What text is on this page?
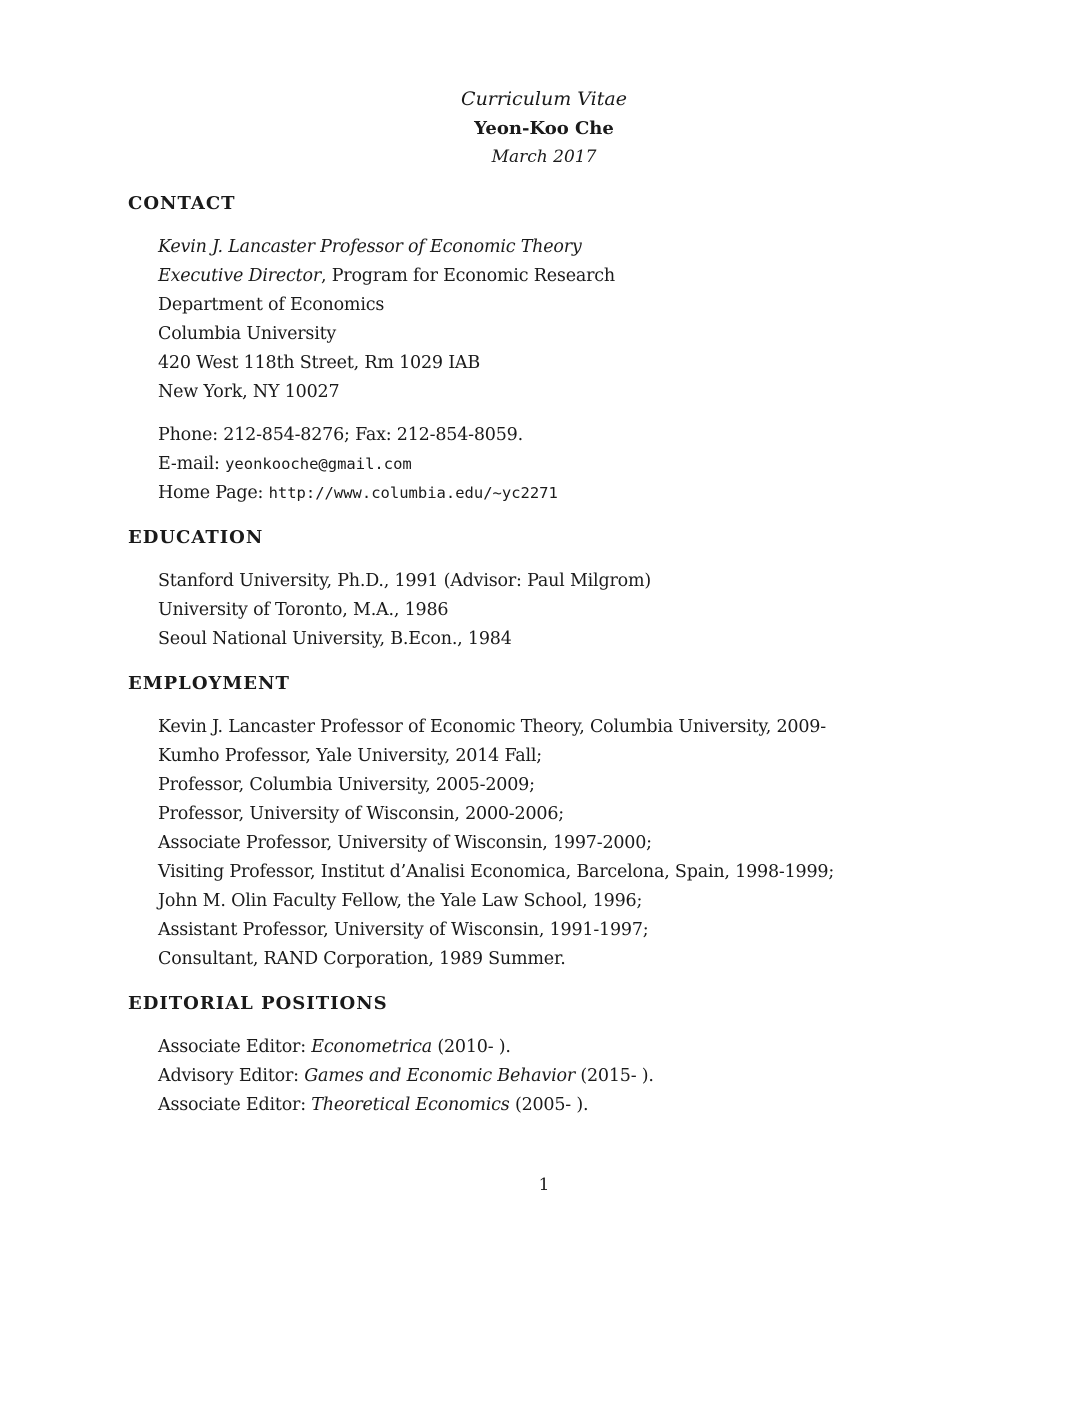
Curriculum Vitae
Yeon-Koo Che
March 2017
CONTACT
Kevin J. Lancaster Professor of Economic Theory
Executive Director, Program for Economic Research
Department of Economics
Columbia University
420 West 118th Street, Rm 1029 IAB
New York, NY 10027
Phone: 212-854-8276; Fax: 212-854-8059.
E-mail: yeonkooche@gmail.com
Home Page: http://www.columbia.edu/~yc2271
EDUCATION
Stanford University, Ph.D., 1991 (Advisor: Paul Milgrom)
University of Toronto, M.A., 1986
Seoul National University, B.Econ., 1984
EMPLOYMENT
Kevin J. Lancaster Professor of Economic Theory, Columbia University, 2009-
Kumho Professor, Yale University, 2014 Fall;
Professor, Columbia University, 2005-2009;
Professor, University of Wisconsin, 2000-2006;
Associate Professor, University of Wisconsin, 1997-2000;
Visiting Professor, Institut d’Analisi Economica, Barcelona, Spain, 1998-1999;
John M. Olin Faculty Fellow, the Yale Law School, 1996;
Assistant Professor, University of Wisconsin, 1991-1997;
Consultant, RAND Corporation, 1989 Summer.
EDITORIAL POSITIONS
Associate Editor: Econometrica (2010- ).
Advisory Editor: Games and Economic Behavior (2015- ).
Associate Editor: Theoretical Economics (2005- ).
1
